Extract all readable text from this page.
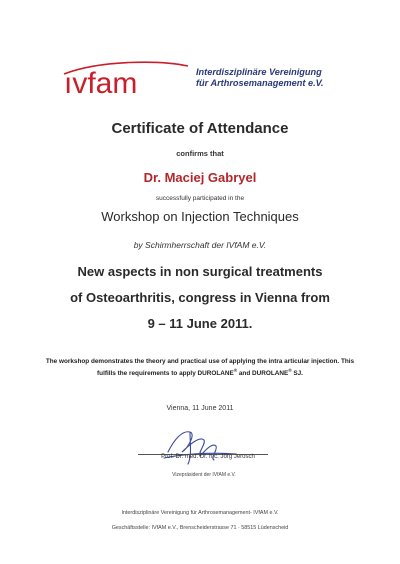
ıvfam	Interdisziplinäre Vereinigung
für Arthrosemanagement e.V.
Certificate of Attendance
confirms that
Dr. Maciej Gabryel
successfully participated in the
Workshop on Injection Techniques
by Schirmherrschaft der IVfAM e.V.
New aspects in non surgical treatments
of Osteoarthritis, congress in Vienna from
9 – 11 June 2011.
The workshop demonstrates the theory and practical use of applying the intra articular injection. This
fulfills the requirements to apply DUROLANE® and DUROLANE® SJ.
Vienna, 11 June 2011
Prof. Dr. med. Dr. h.c. Jörg Jerosch
Vizepräsident der IVfAM e.V.
Interdisziplinäre Vereinigung für Arthrosemanagement- IVfAM e.V.
Geschäftsstelle: IVfAM e.V., Brenscheiderstrasse 71 · 58515 Lüdenscheid
